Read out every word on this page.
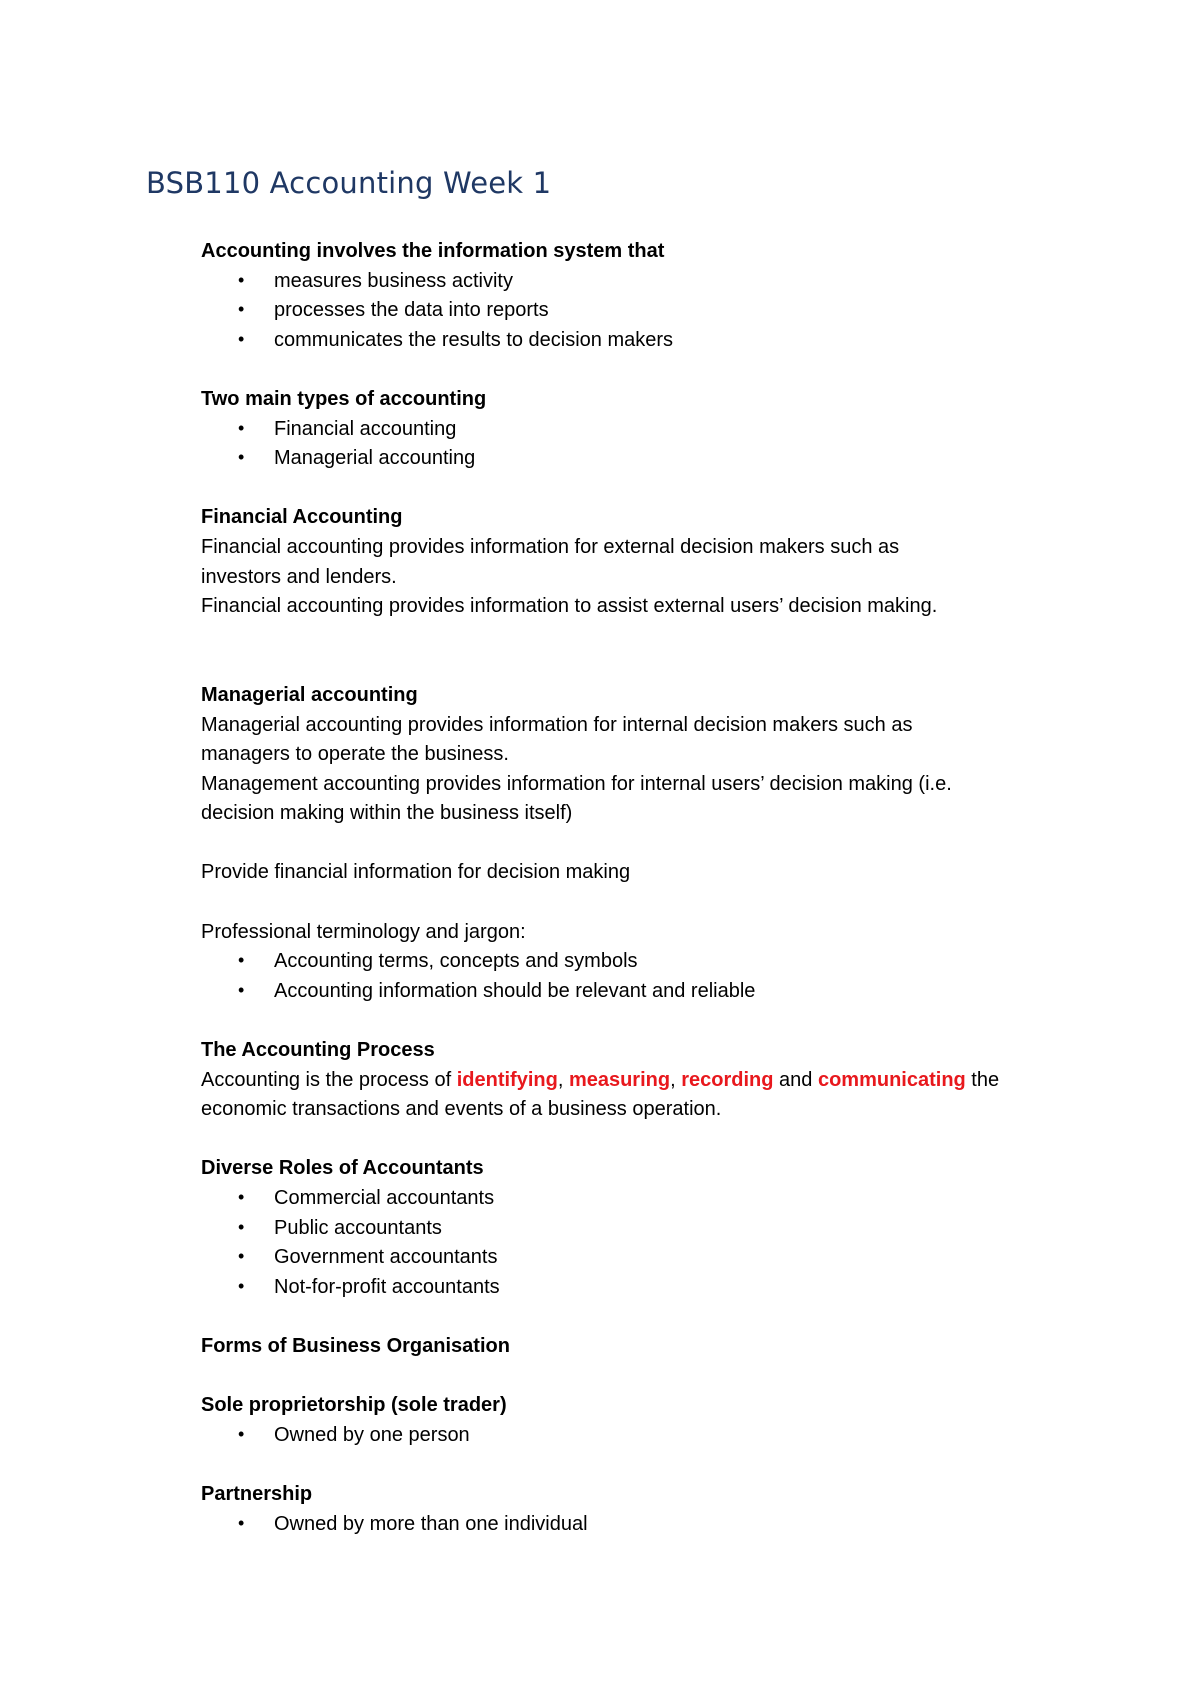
BSB110 Accounting Week 1

Accounting involves the information system that

• measures business activity
• processes the data into reports
• communicates the results to decision makers

Two main types of accounting

• Financial accounting
• Managerial accounting

Financial Accounting

Financial accounting provides information for external decision makers such as

investors and lenders.

Financial accounting provides information to assist external users’ decision making.

Managerial accounting

Managerial accounting provides information for internal decision makers such as

managers to operate the business.

Management accounting provides information for internal users’ decision making (i.e.

decision making within the business itself)

Provide financial information for decision making

Professional terminology and jargon:

• Accounting terms, concepts and symbols
• Accounting information should be relevant and reliable

The Accounting Process

Accounting is the process of identifying, measuring, recording and communicating the

economic transactions and events of a business operation.

Diverse Roles of Accountants

• Commercial accountants
• Public accountants
• Government accountants
• Not-for-profit accountants

Forms of Business Organisation

Sole proprietorship (sole trader)

• Owned by one person

Partnership

• Owned by more than one individual
